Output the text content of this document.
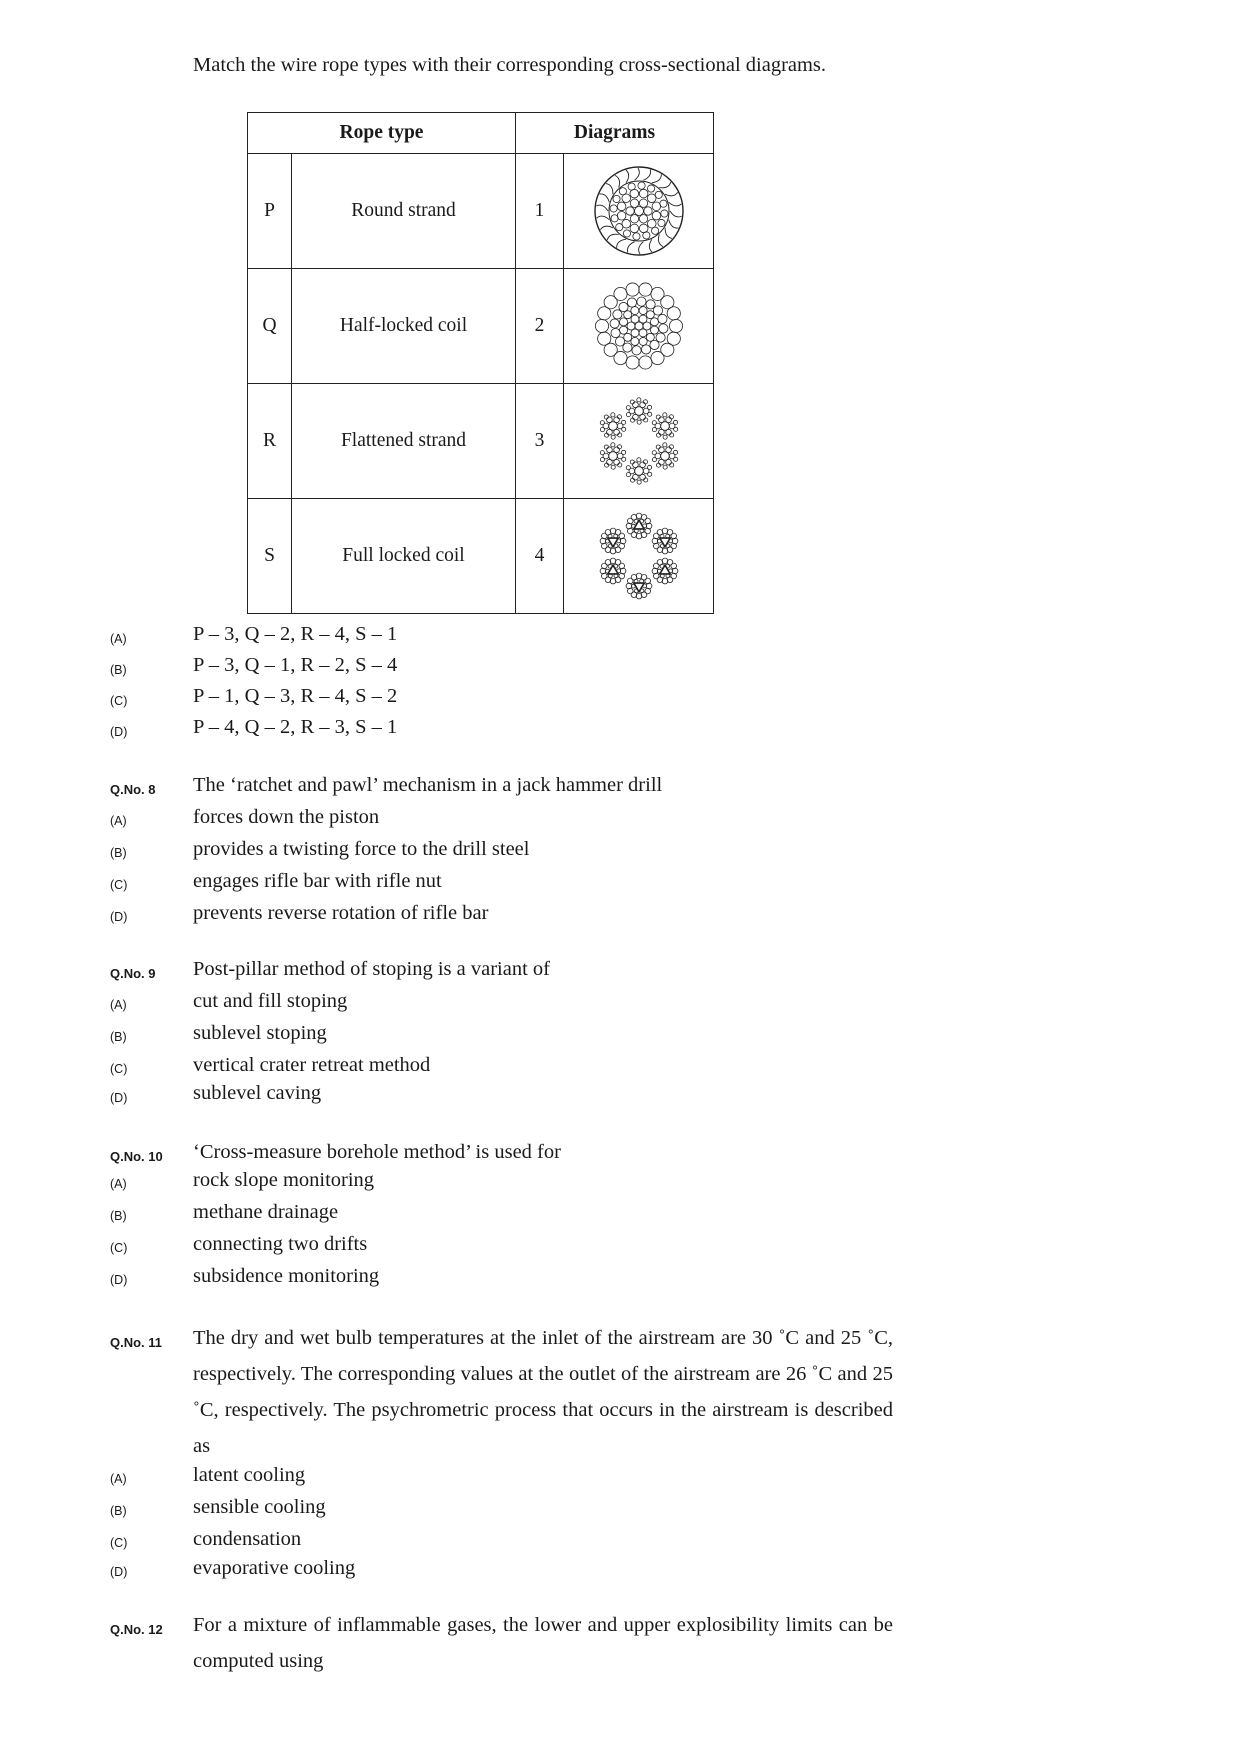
Match the wire rope types with their corresponding cross-sectional diagrams.
Rope type		Diagrams	
P	Round strand	1	

Q	Half-locked coil	2	

R	Flattened strand	3	

S	Full locked coil	4	
(A)	P – 3, Q – 2, R – 4, S – 1
(B)	P – 3, Q – 1, R – 2, S – 4
(C)	P – 1, Q – 3, R – 4, S – 2
(D)	P – 4, Q – 2, R – 3, S – 1
Q.No. 8 The ‘ratchet and pawl’ mechanism in a jack hammer drill
(A)	forces down the piston
(B)	provides a twisting force to the drill steel
(C)	engages rifle bar with rifle nut
(D)	prevents reverse rotation of rifle bar
Q.No. 9 Post-pillar method of stoping is a variant of
(A)	cut and fill stoping
(B)	sublevel stoping
(C)	vertical crater retreat method
(D)	sublevel caving
Q.No. 10 ‘Cross-measure borehole method’ is used for
(A)	rock slope monitoring
(B)	methane drainage
(C)	connecting two drifts
(D)	subsidence monitoring
Q.No. 11 The dry and wet bulb temperatures at the inlet of the airstream are 30 ˚C and 25 ˚C, respectively. The corresponding values at the outlet of the airstream are 26 ˚C and 25 ˚C, respectively. The psychrometric process that occurs in the airstream is described as
(A)	latent cooling
(B)	sensible cooling
(C)	condensation
(D)	evaporative cooling
Q.No. 12 For a mixture of inflammable gases, the lower and upper explosibility limits can be computed using
